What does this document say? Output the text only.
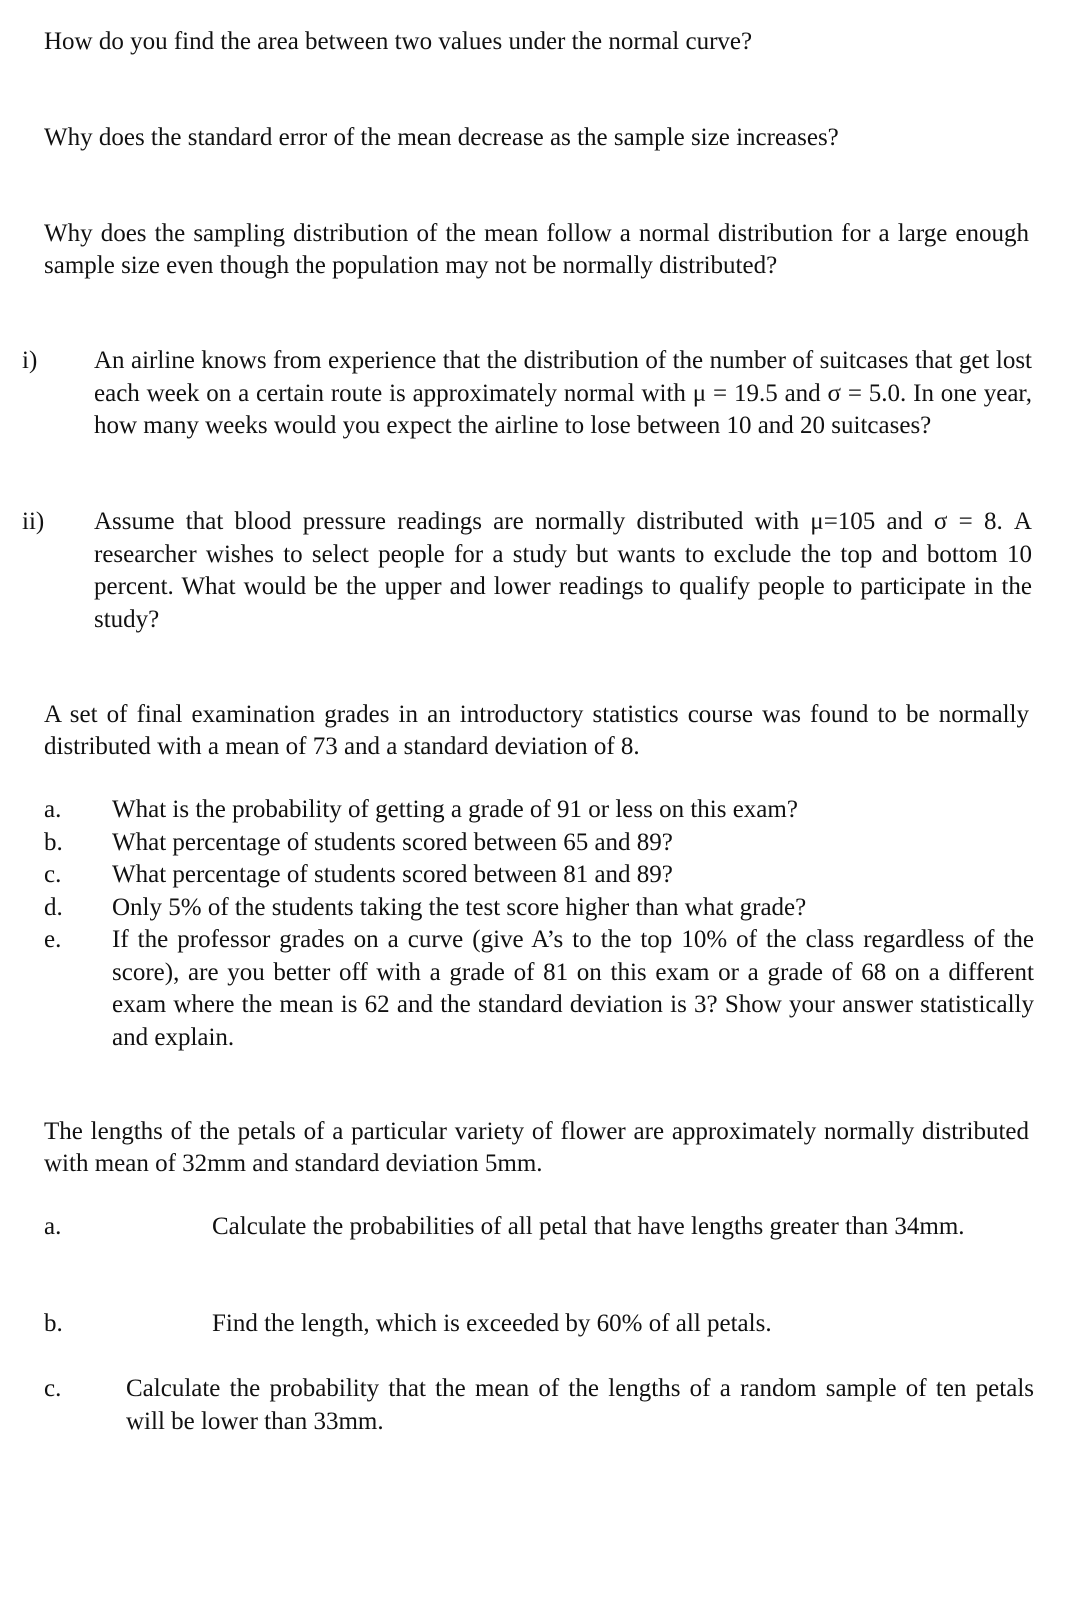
How do you find the area between two values under the normal curve?

Why does the standard error of the mean decrease as the sample size increases?

Why does the sampling distribution of the mean follow a normal distribution for a large enough sample size even though the population may not be normally distributed?

i) An airline knows from experience that the distribution of the number of suitcases that get lost each week on a certain route is approximately normal with μ = 19.5 and σ = 5.0. In one year, how many weeks would you expect the airline to lose between 10 and 20 suitcases?
ii) Assume that blood pressure readings are normally distributed with μ=105 and σ = 8. A researcher wishes to select people for a study but wants to exclude the top and bottom 10 percent. What would be the upper and lower readings to qualify people to participate in the study?

A set of final examination grades in an introductory statistics course was found to be normally distributed with a mean of 73 and a standard deviation of 8.

a. What is the probability of getting a grade of 91 or less on this exam?
b. What percentage of students scored between 65 and 89?
c. What percentage of students scored between 81 and 89?
d. Only 5% of the students taking the test score higher than what grade?
e. If the professor grades on a curve (give A’s to the top 10% of the class regardless of the score), are you better off with a grade of 81 on this exam or a grade of 68 on a different exam where the mean is 62 and the standard deviation is 3? Show your answer statistically and explain.

The lengths of the petals of a particular variety of flower are approximately normally distributed with mean of 32mm and standard deviation 5mm.

a.	Calculate the probabilities of all petal that have lengths greater than 34mm.
b.	Find the length, which is exceeded by 60% of all petals.
c.	Calculate the probability that the mean of the lengths of a random sample of ten petals will be lower than 33mm.
